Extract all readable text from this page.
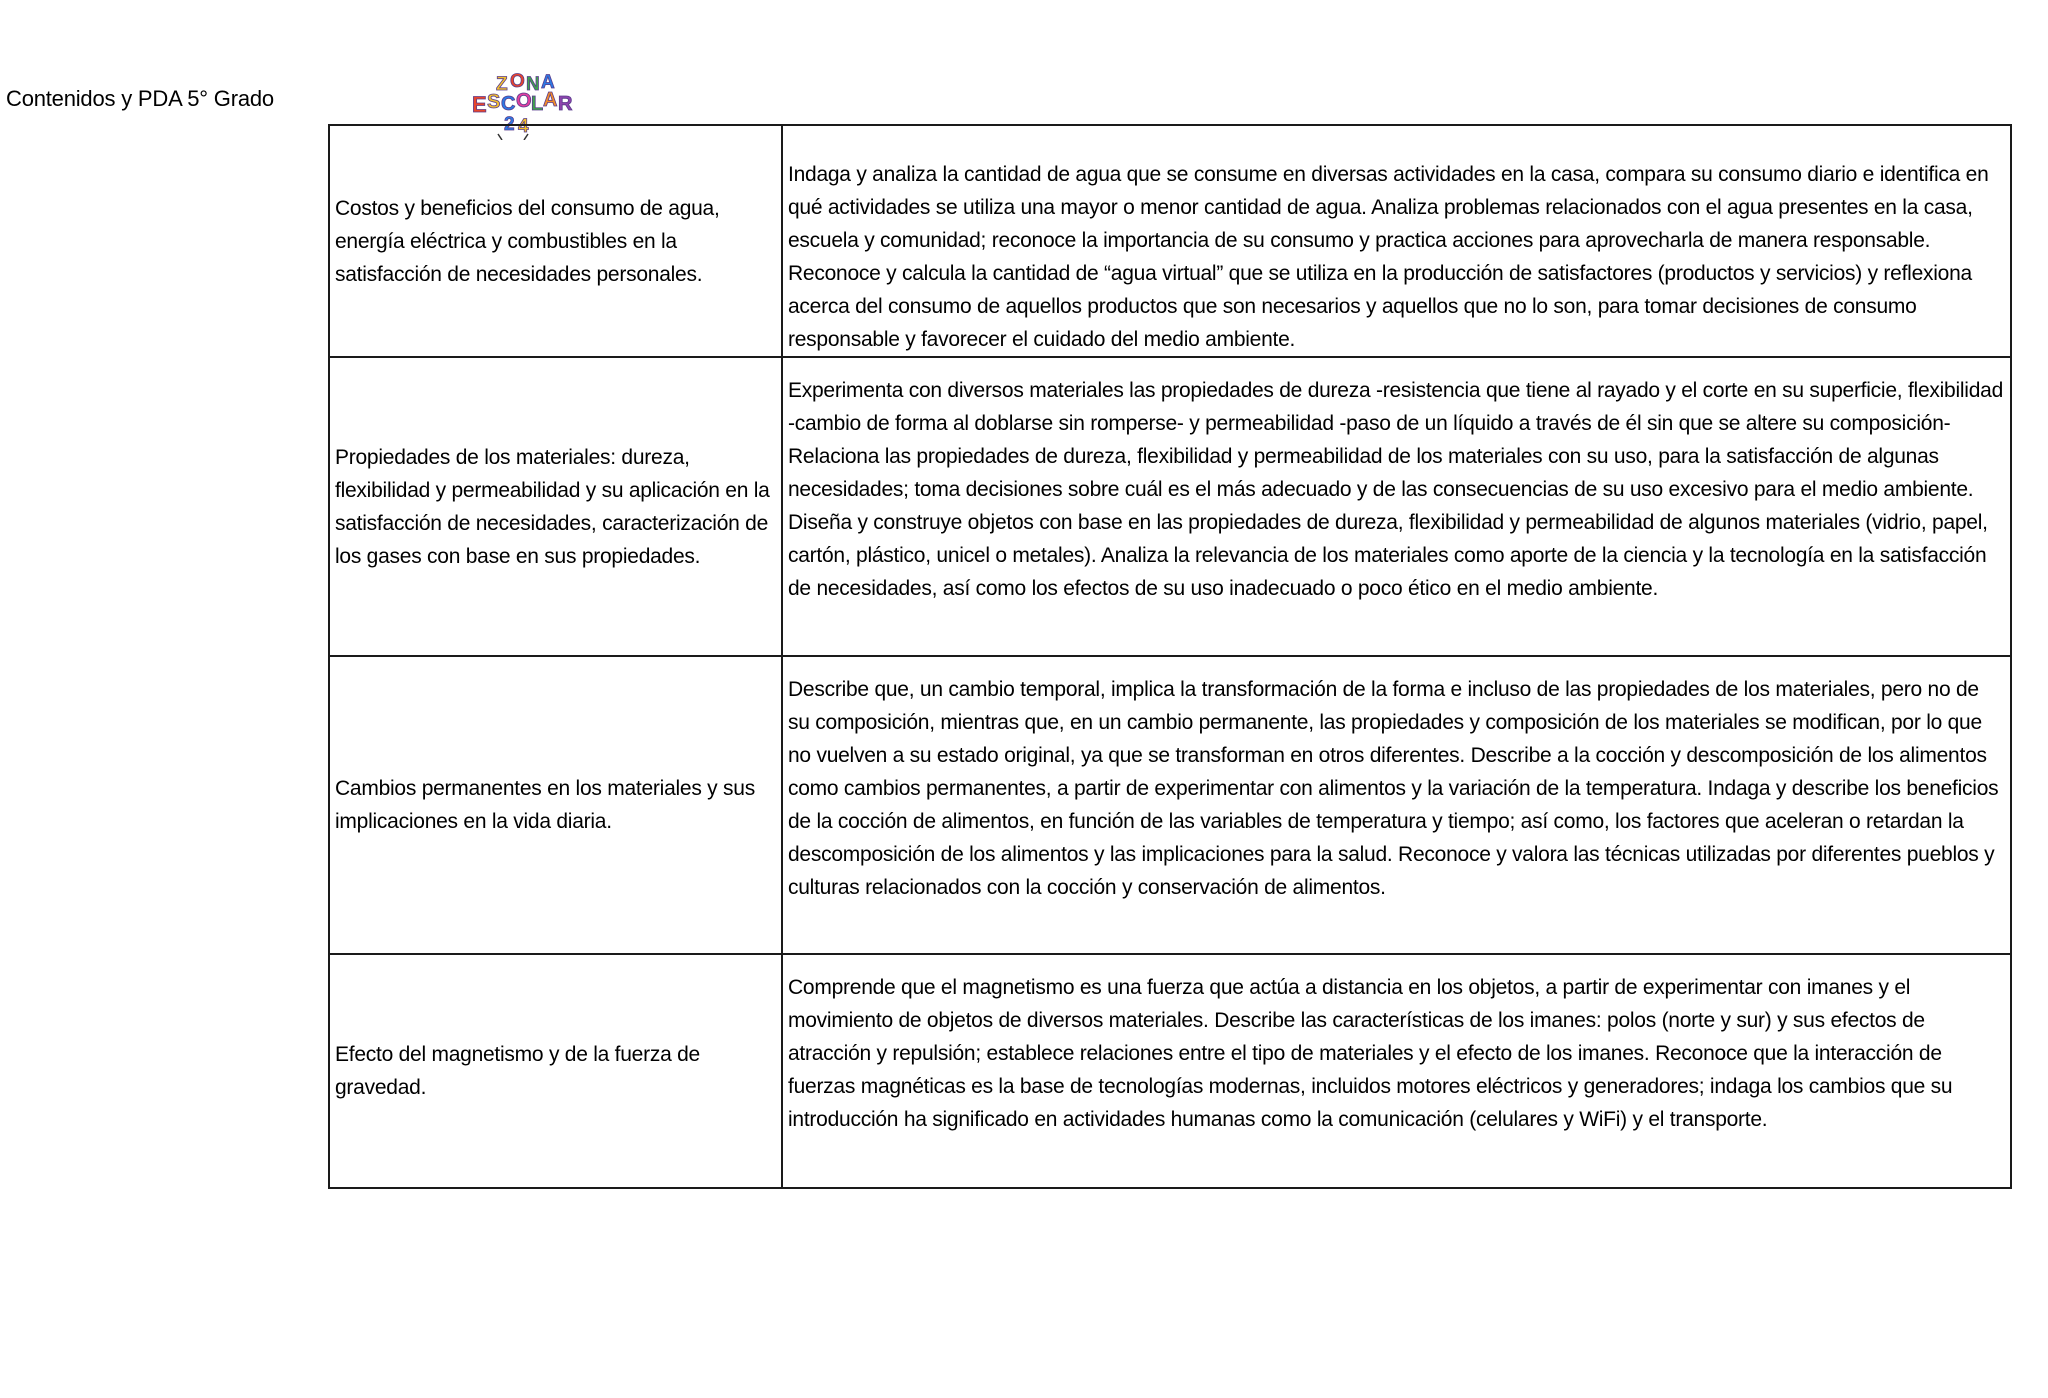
Contenidos y PDA 5° Grado
Z O N A
E S C O L A R
2 4
Costos y beneficios del consumo de agua, energía eléctrica y combustibles en la satisfacción de necesidades personales.	Indaga y analiza la cantidad de agua que se consume en diversas actividades en la casa, compara su consumo diario e identifica en qué actividades se utiliza una mayor o menor cantidad de agua. Analiza problemas relacionados con el agua presentes en la casa, escuela y comunidad; reconoce la importancia de su consumo y practica acciones para aprovecharla de manera responsable. Reconoce y calcula la cantidad de “agua virtual” que se utiliza en la producción de satisfactores (productos y servicios) y reflexiona acerca del consumo de aquellos productos que son necesarios y aquellos que no lo son, para tomar decisiones de consumo responsable y favorecer el cuidado del medio ambiente.

Propiedades de los materiales: dureza, flexibilidad y permeabilidad y su aplicación en la satisfacción de necesidades, caracterización de los gases con base en sus propiedades.	Experimenta con diversos materiales las propiedades de dureza -resistencia que tiene al rayado y el corte en su superficie, flexibilidad -cambio de forma al doblarse sin romperse- y permeabilidad -paso de un líquido a través de él sin que se altere su composición- Relaciona las propiedades de dureza, flexibilidad y permeabilidad de los materiales con su uso, para la satisfacción de algunas necesidades; toma decisiones sobre cuál es el más adecuado y de las consecuencias de su uso excesivo para el medio ambiente. Diseña y construye objetos con base en las propiedades de dureza, flexibilidad y permeabilidad de algunos materiales (vidrio, papel, cartón, plástico, unicel o metales). Analiza la relevancia de los materiales como aporte de la ciencia y la tecnología en la satisfacción de necesidades, así como los efectos de su uso inadecuado o poco ético en el medio ambiente.

Cambios permanentes en los materiales y sus implicaciones en la vida diaria.	Describe que, un cambio temporal, implica la transformación de la forma e incluso de las propiedades de los materiales, pero no de su composición, mientras que, en un cambio permanente, las propiedades y composición de los materiales se modifican, por lo que no vuelven a su estado original, ya que se transforman en otros diferentes. Describe a la cocción y descomposición de los alimentos como cambios permanentes, a partir de experimentar con alimentos y la variación de la temperatura. Indaga y describe los beneficios de la cocción de alimentos, en función de las variables de temperatura y tiempo; así como, los factores que aceleran o retardan la descomposición de los alimentos y las implicaciones para la salud. Reconoce y valora las técnicas utilizadas por diferentes pueblos y culturas relacionados con la cocción y conservación de alimentos.

Efecto del magnetismo y de la fuerza de gravedad.	Comprende que el magnetismo es una fuerza que actúa a distancia en los objetos, a partir de experimentar con imanes y el movimiento de objetos de diversos materiales. Describe las características de los imanes: polos (norte y sur) y sus efectos de atracción y repulsión; establece relaciones entre el tipo de materiales y el efecto de los imanes. Reconoce que la interacción de fuerzas magnéticas es la base de tecnologías modernas, incluidos motores eléctricos y generadores; indaga los cambios que su introducción ha significado en actividades humanas como la comunicación (celulares y WiFi) y el transporte.
